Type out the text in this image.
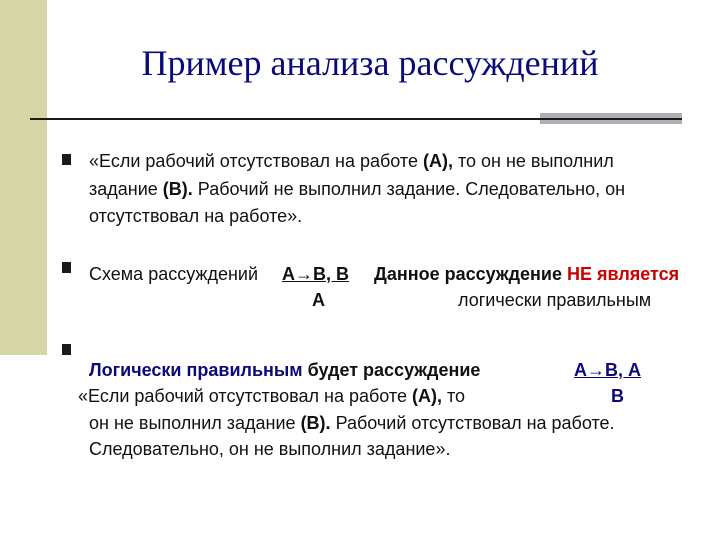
Пример анализа рассуждений
«Если рабочий отсутствовал на работе (А), то он не выполнил
задание (В). Рабочий не выполнил задание. Следовательно, он
отсутствовал на работе».
Схема рассуждений А→В, В
А
Данное рассуждение НЕ является
логически правильным
Логически правильным будет рассуждение	А→В, А
В
«Если рабочий отсутствовал на работе (А), то
он не выполнил задание (В). Рабочий отсутствовал на работе.
Следовательно, он не выполнил задание».
